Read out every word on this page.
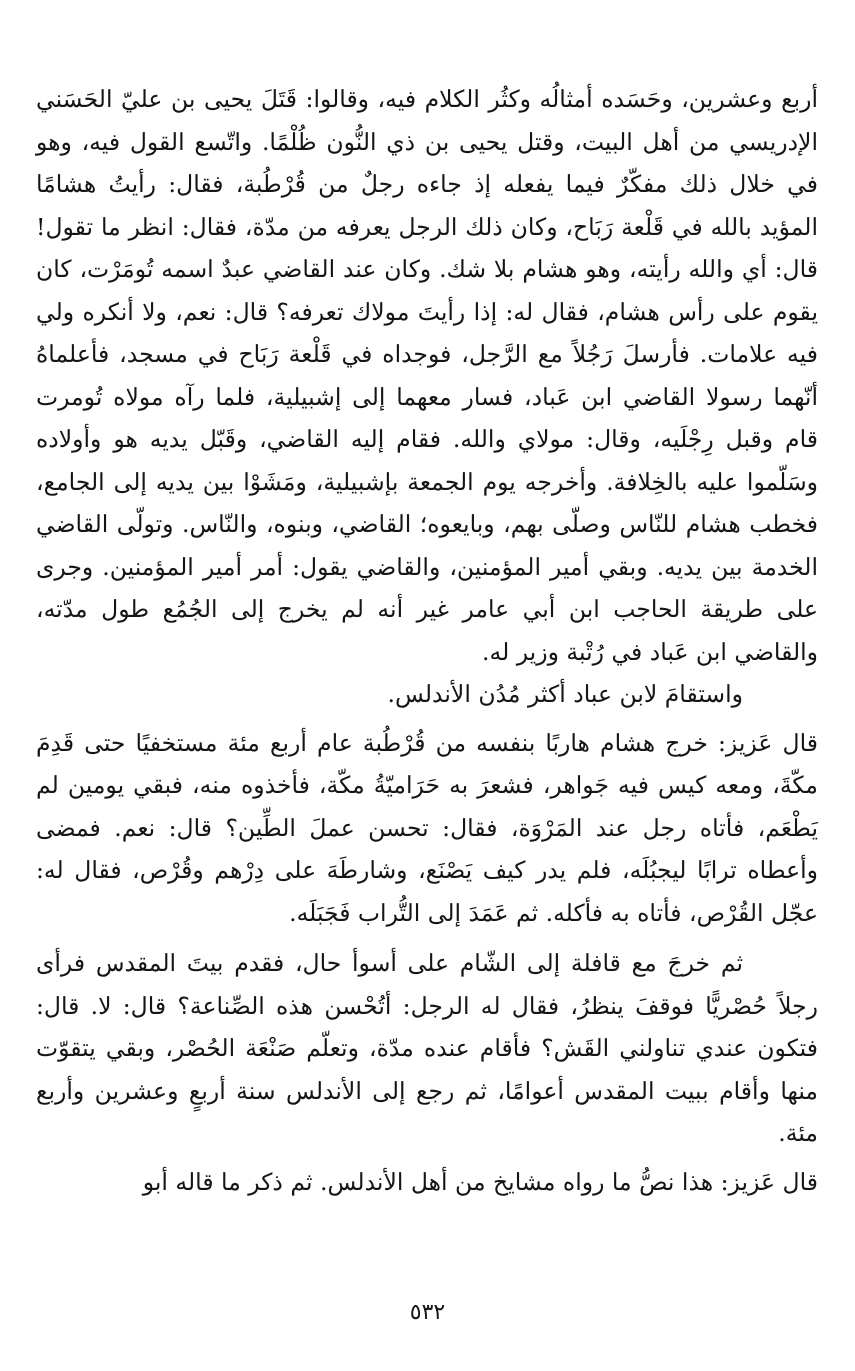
أربع وعشرين، وحَسَده أمثالُه وكثُر الكلام فيه، وقالوا: قَتَلَ يحيى بن عليّ الحَسَني الإدريسي من أهل البيت، وقتل يحيى بن ذي النُّون ظُلْمًا. واتّسع القول فيه، وهو في خلال ذلك مفكّرٌ فيما يفعله إذ جاءه رجلٌ من قُرْطُبة، فقال: رأيتُ هشامًا المؤيد بالله في قَلْعة رَبَاح، وكان ذلك الرجل يعرفه من مدّة، فقال: انظر ما تقول! قال: أي والله رأيته، وهو هشام بلا شك. وكان عند القاضي عبدٌ اسمه تُومَرْت، كان يقوم على رأس هشام، فقال له: إذا رأيتَ مولاك تعرفه؟ قال: نعم، ولا أنكره ولي فيه علامات. فأرسلَ رَجُلاً مع الرَّجل، فوجداه في قَلْعة رَبَاح في مسجد، فأعلماهُ أنّهما رسولا القاضي ابن عَباد، فسار معهما إلى إشبيلية، فلما رآه مولاه تُومرت قام وقبل رِجْلَيه، وقال: مولاي والله. فقام إليه القاضي، وقَبّل يديه هو وأولاده وسَلّموا عليه بالخِلافة. وأخرجه يوم الجمعة بإشبيلية، ومَشَوْا بين يديه إلى الجامع، فخطب هشام للنّاس وصلّى بهم، وبايعوه؛ القاضي، وبنوه، والنّاس. وتولّى القاضي الخدمة بين يديه. وبقي أمير المؤمنين، والقاضي يقول: أمر أمير المؤمنين. وجرى على طريقة الحاجب ابن أبي عامر غير أنه لم يخرج إلى الجُمُع طول مدّته، والقاضي ابن عَباد في رُتْبة وزير له.

واستقامَ لابن عباد أكثر مُدُن الأندلس.

قال عَزيز: خرج هشام هاربًا بنفسه من قُرْطُبة عام أربع مئة مستخفيًا حتى قَدِمَ مكّةَ، ومعه كيس فيه جَواهر، فشعرَ به حَرَاميّةُ مكّة، فأخذوه منه، فبقي يومين لم يَطْعَم، فأتاه رجل عند المَرْوَة، فقال: تحسن عملَ الطِّين؟ قال: نعم. فمضى وأعطاه ترابًا ليجبُلَه، فلم يدر كيف يَصْنَع، وشارطَهَ على دِرْهم وقُرْص، فقال له: عجّل القُرْص، فأتاه به فأكله. ثم عَمَدَ إلى التُّراب فَجَبَلَه.

ثم خرجَ مع قافلة إلى الشّام على أسوأ حال، فقدم بيتَ المقدس فرأى رجلاً حُصْريًّا فوقفَ ينظرُ، فقال له الرجل: أتُحْسن هذه الصِّناعة؟ قال: لا. قال: فتكون عندي تناولني القَش؟ فأقام عنده مدّة، وتعلّم صَنْعَة الحُصْر، وبقي يتقوّت منها وأقام ببيت المقدس أعوامًا، ثم رجع إلى الأندلس سنة أربعٍ وعشرين وأربع مئة.

قال عَزيز: هذا نصُّ ما رواه مشايخ من أهل الأندلس. ثم ذكر ما قاله أبو

٥٣٢
